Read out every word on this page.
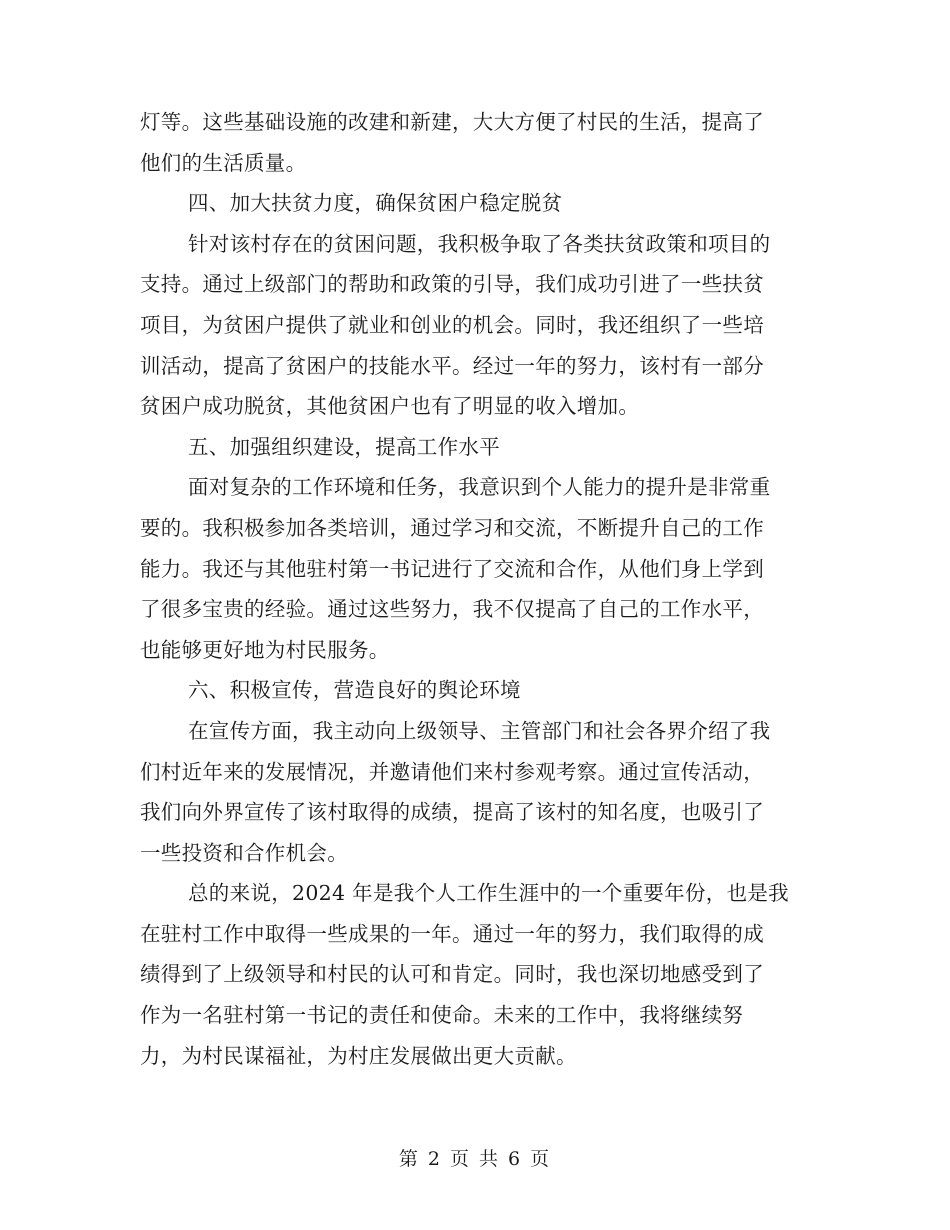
灯等。这些基础设施的改建和新建，大大方便了村民的生活，提高了
他们的生活质量。
四、加大扶贫力度，确保贫困户稳定脱贫
针对该村存在的贫困问题，我积极争取了各类扶贫政策和项目的
支持。通过上级部门的帮助和政策的引导，我们成功引进了一些扶贫
项目，为贫困户提供了就业和创业的机会。同时，我还组织了一些培
训活动，提高了贫困户的技能水平。经过一年的努力，该村有一部分
贫困户成功脱贫，其他贫困户也有了明显的收入增加。
五、加强组织建设，提高工作水平
面对复杂的工作环境和任务，我意识到个人能力的提升是非常重
要的。我积极参加各类培训，通过学习和交流，不断提升自己的工作
能力。我还与其他驻村第一书记进行了交流和合作，从他们身上学到
了很多宝贵的经验。通过这些努力，我不仅提高了自己的工作水平，
也能够更好地为村民服务。
六、积极宣传，营造良好的舆论环境
在宣传方面，我主动向上级领导、主管部门和社会各界介绍了我
们村近年来的发展情况，并邀请他们来村参观考察。通过宣传活动，
我们向外界宣传了该村取得的成绩，提高了该村的知名度，也吸引了
一些投资和合作机会。
总的来说，2024 年是我个人工作生涯中的一个重要年份，也是我
在驻村工作中取得一些成果的一年。通过一年的努力，我们取得的成
绩得到了上级领导和村民的认可和肯定。同时，我也深切地感受到了
作为一名驻村第一书记的责任和使命。未来的工作中，我将继续努
力，为村民谋福祉，为村庄发展做出更大贡献。
第 2 页 共 6 页
